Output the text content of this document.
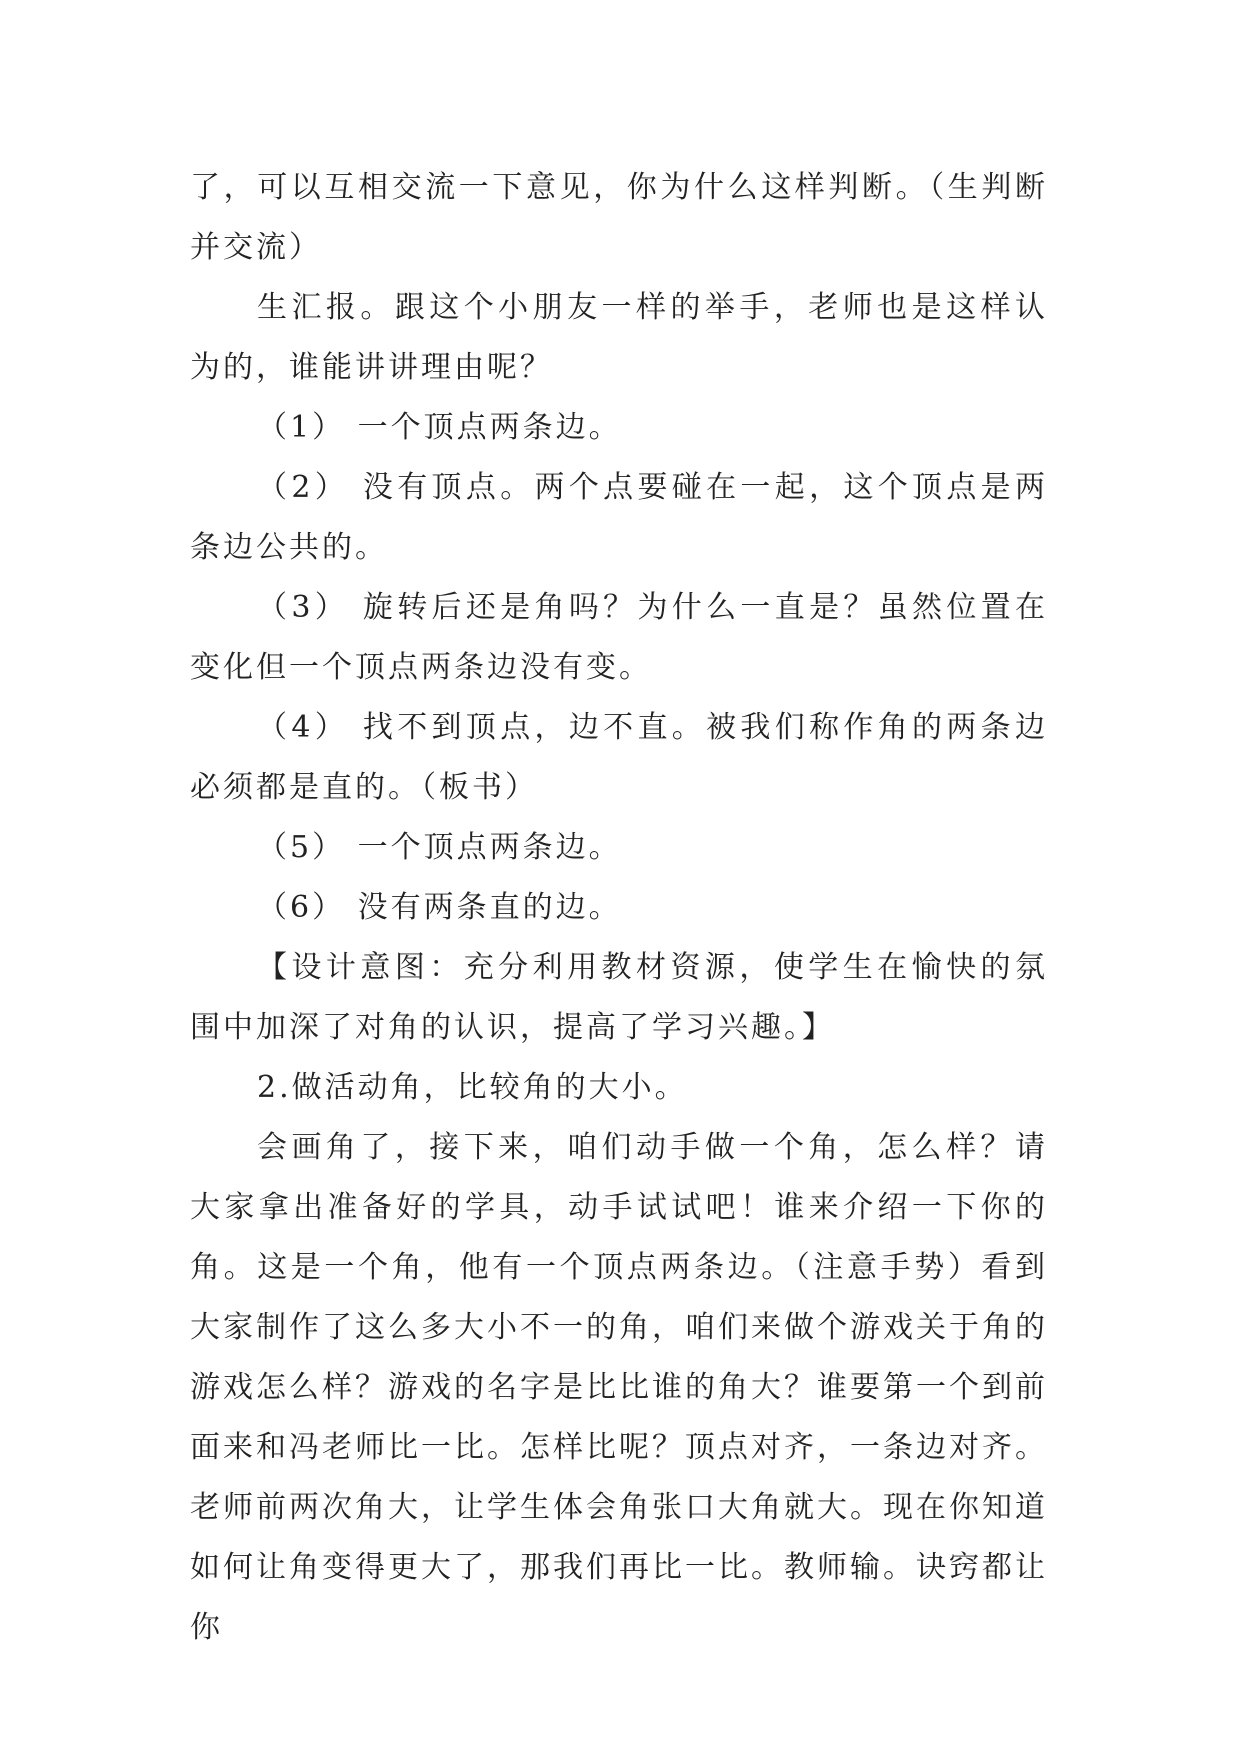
了，可以互相交流一下意见，你为什么这样判断。（生判断并交流）

生汇报。跟这个小朋友一样的举手，老师也是这样认为的，谁能讲讲理由呢？

（1） 一个顶点两条边。

（2） 没有顶点。两个点要碰在一起，这个顶点是两条边公共的。

（3） 旋转后还是角吗？为什么一直是？虽然位置在变化但一个顶点两条边没有变。

（4） 找不到顶点，边不直。被我们称作角的两条边必须都是直的。（板书）

（5） 一个顶点两条边。

（6） 没有两条直的边。

【设计意图：充分利用教材资源，使学生在愉快的氛围中加深了对角的认识，提高了学习兴趣。】

2.做活动角，比较角的大小。

会画角了，接下来，咱们动手做一个角，怎么样？请大家拿出准备好的学具，动手试试吧！谁来介绍一下你的角。这是一个角，他有一个顶点两条边。（注意手势）看到大家制作了这么多大小不一的角，咱们来做个游戏关于角的游戏怎么样？游戏的名字是比比谁的角大？谁要第一个到前面来和冯老师比一比。怎样比呢？顶点对齐，一条边对齐。老师前两次角大，让学生体会角张口大角就大。现在你知道如何让角变得更大了，那我们再比一比。教师输。诀窍都让你
